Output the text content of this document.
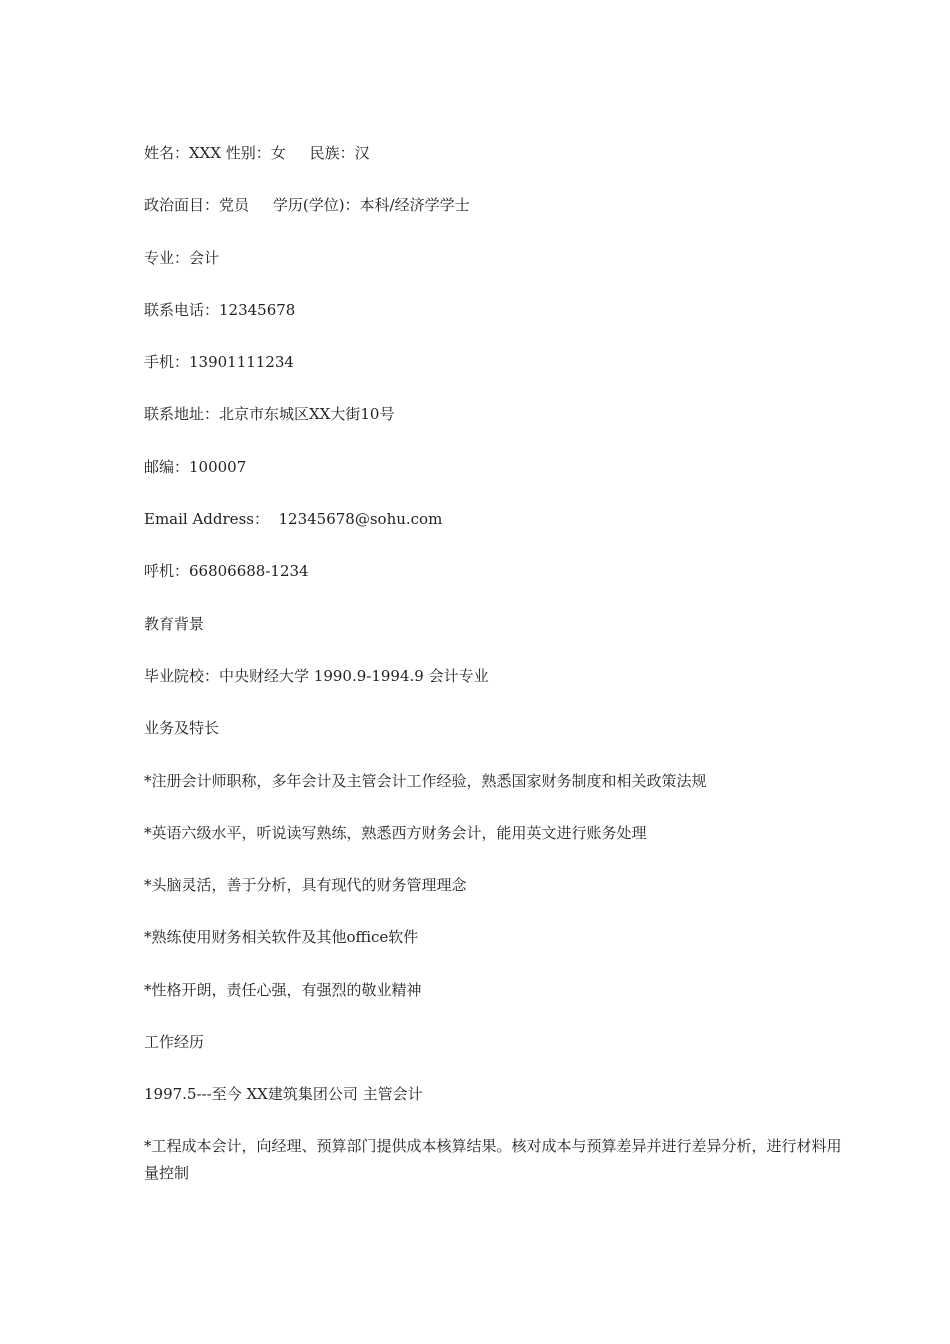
姓名：XXX 性别：女     民族：汉
政治面目：党员     学历(学位)：本科/经济学学士
专业：会计
联系电话：12345678
手机：13901111234
联系地址：北京市东城区XX大街10号
邮编：100007
Email Address：  12345678@sohu.com
呼机：66806688-1234
教育背景
毕业院校：中央财经大学 1990.9-1994.9 会计专业
业务及特长
*注册会计师职称，多年会计及主管会计工作经验，熟悉国家财务制度和相关政策法规
*英语六级水平，听说读写熟练，熟悉西方财务会计，能用英文进行账务处理
*头脑灵活，善于分析，具有现代的财务管理理念
*熟练使用财务相关软件及其他office软件
*性格开朗，责任心强，有强烈的敬业精神
工作经历
1997.5---至今 XX建筑集团公司 主管会计
*工程成本会计，向经理、预算部门提供成本核算结果。核对成本与预算差异并进行差异分析，进行材料用量控制
